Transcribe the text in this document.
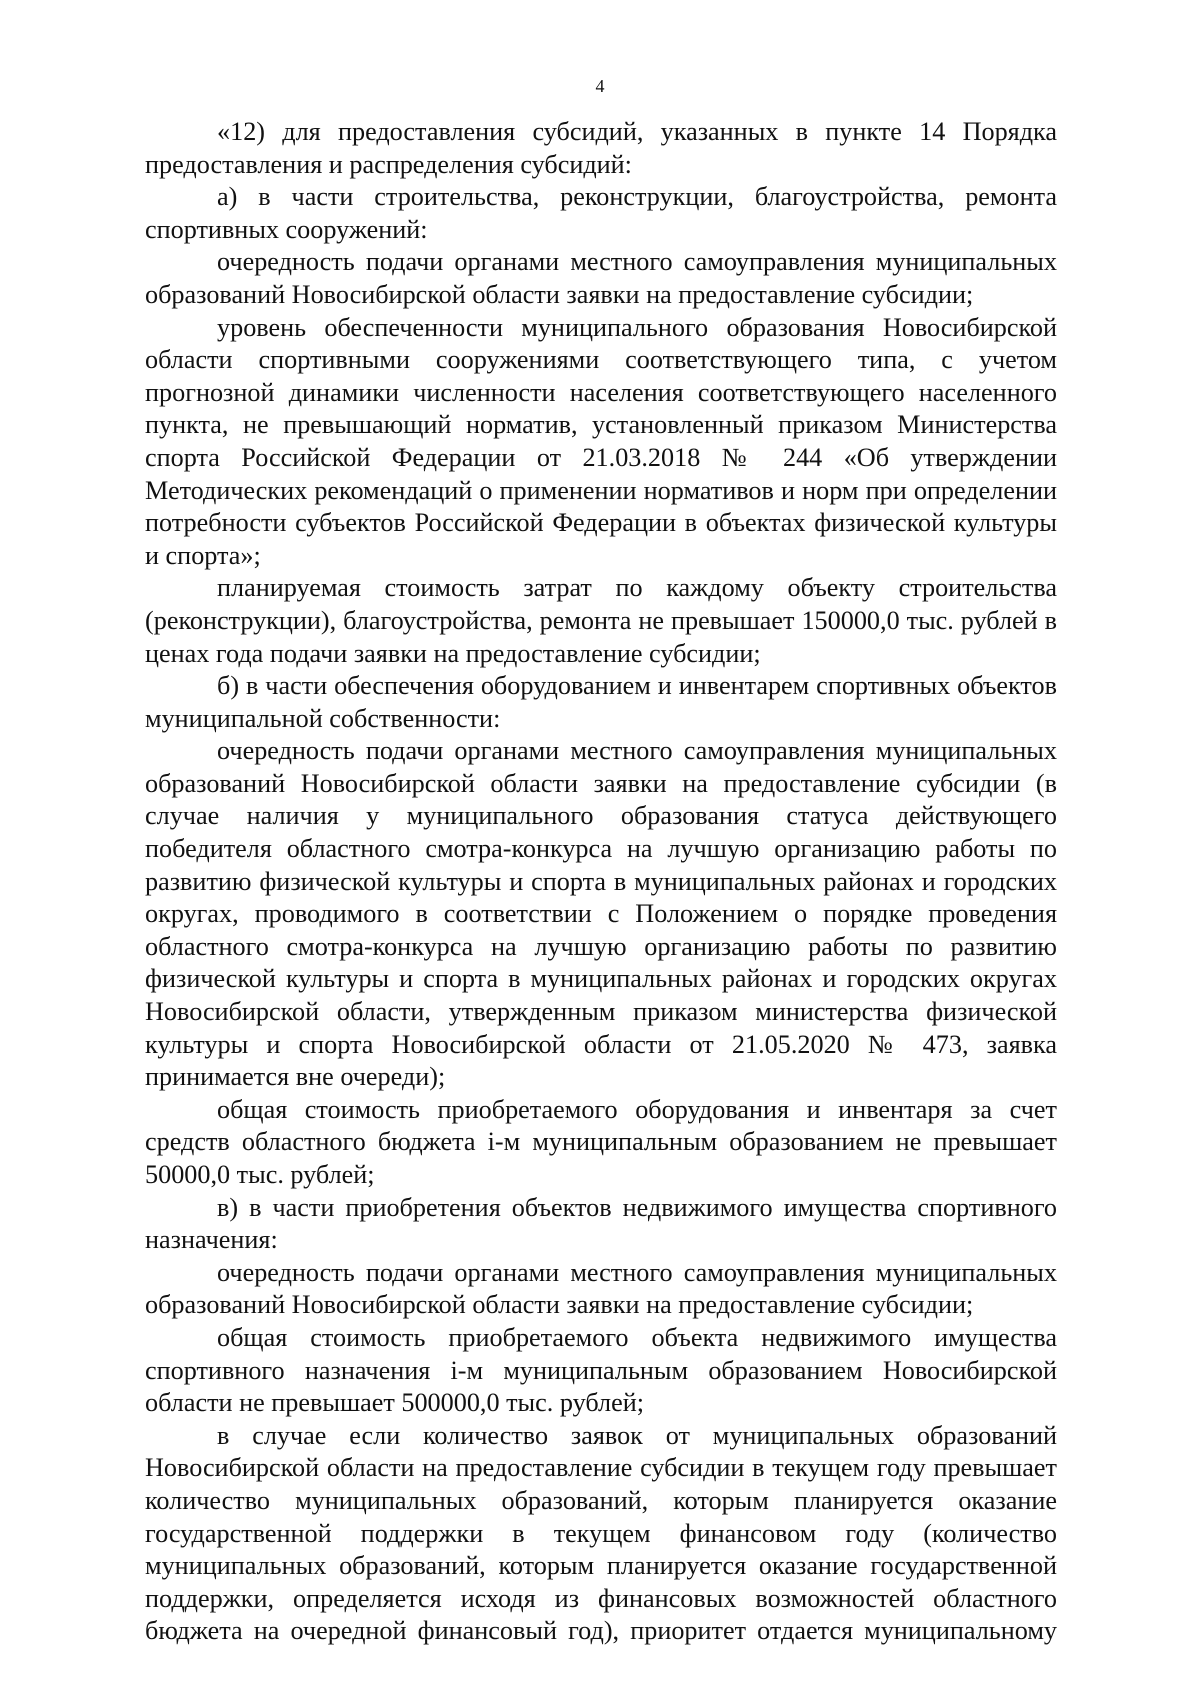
4

«12) для предоставления субсидий, указанных в пункте 14 Порядка предоставления и распределения субсидий:

а) в части строительства, реконструкции, благоустройства, ремонта спортивных сооружений:

очередность подачи органами местного самоуправления муниципальных образований Новосибирской области заявки на предоставление субсидии;

уровень обеспеченности муниципального образования Новосибирской области спортивными сооружениями соответствующего типа, с учетом прогнозной динамики численности населения соответствующего населенного пункта, не превышающий норматив, установленный приказом Министерства спорта Российской Федерации от 21.03.2018 № 244 «Об утверждении Методических рекомендаций о применении нормативов и норм при определении потребности субъектов Российской Федерации в объектах физической культуры и спорта»;

планируемая стоимость затрат по каждому объекту строительства (реконструкции), благоустройства, ремонта не превышает 150000,0 тыс. рублей в ценах года подачи заявки на предоставление субсидии;

б) в части обеспечения оборудованием и инвентарем спортивных объектов муниципальной собственности:

очередность подачи органами местного самоуправления муниципальных образований Новосибирской области заявки на предоставление субсидии (в случае наличия у муниципального образования статуса действующего победителя областного смотра-конкурса на лучшую организацию работы по развитию физической культуры и спорта в муниципальных районах и городских округах, проводимого в соответствии с Положением о порядке проведения областного смотра-конкурса на лучшую организацию работы по развитию физической культуры и спорта в муниципальных районах и городских округах Новосибирской области, утвержденным приказом министерства физической культуры и спорта Новосибирской области от 21.05.2020 № 473, заявка принимается вне очереди);

общая стоимость приобретаемого оборудования и инвентаря за счет средств областного бюджета i-м муниципальным образованием не превышает 50000,0 тыс. рублей;

в) в части приобретения объектов недвижимого имущества спортивного назначения:

очередность подачи органами местного самоуправления муниципальных образований Новосибирской области заявки на предоставление субсидии;

общая стоимость приобретаемого объекта недвижимого имущества спортивного назначения i-м муниципальным образованием Новосибирской области не превышает 500000,0 тыс. рублей;

в случае если количество заявок от муниципальных образований Новосибирской области на предоставление субсидии в текущем году превышает количество муниципальных образований, которым планируется оказание государственной поддержки в текущем финансовом году (количество муниципальных образований, которым планируется оказание государственной поддержки, определяется исходя из финансовых возможностей областного бюджета на очередной финансовый год), приоритет отдается муниципальному
